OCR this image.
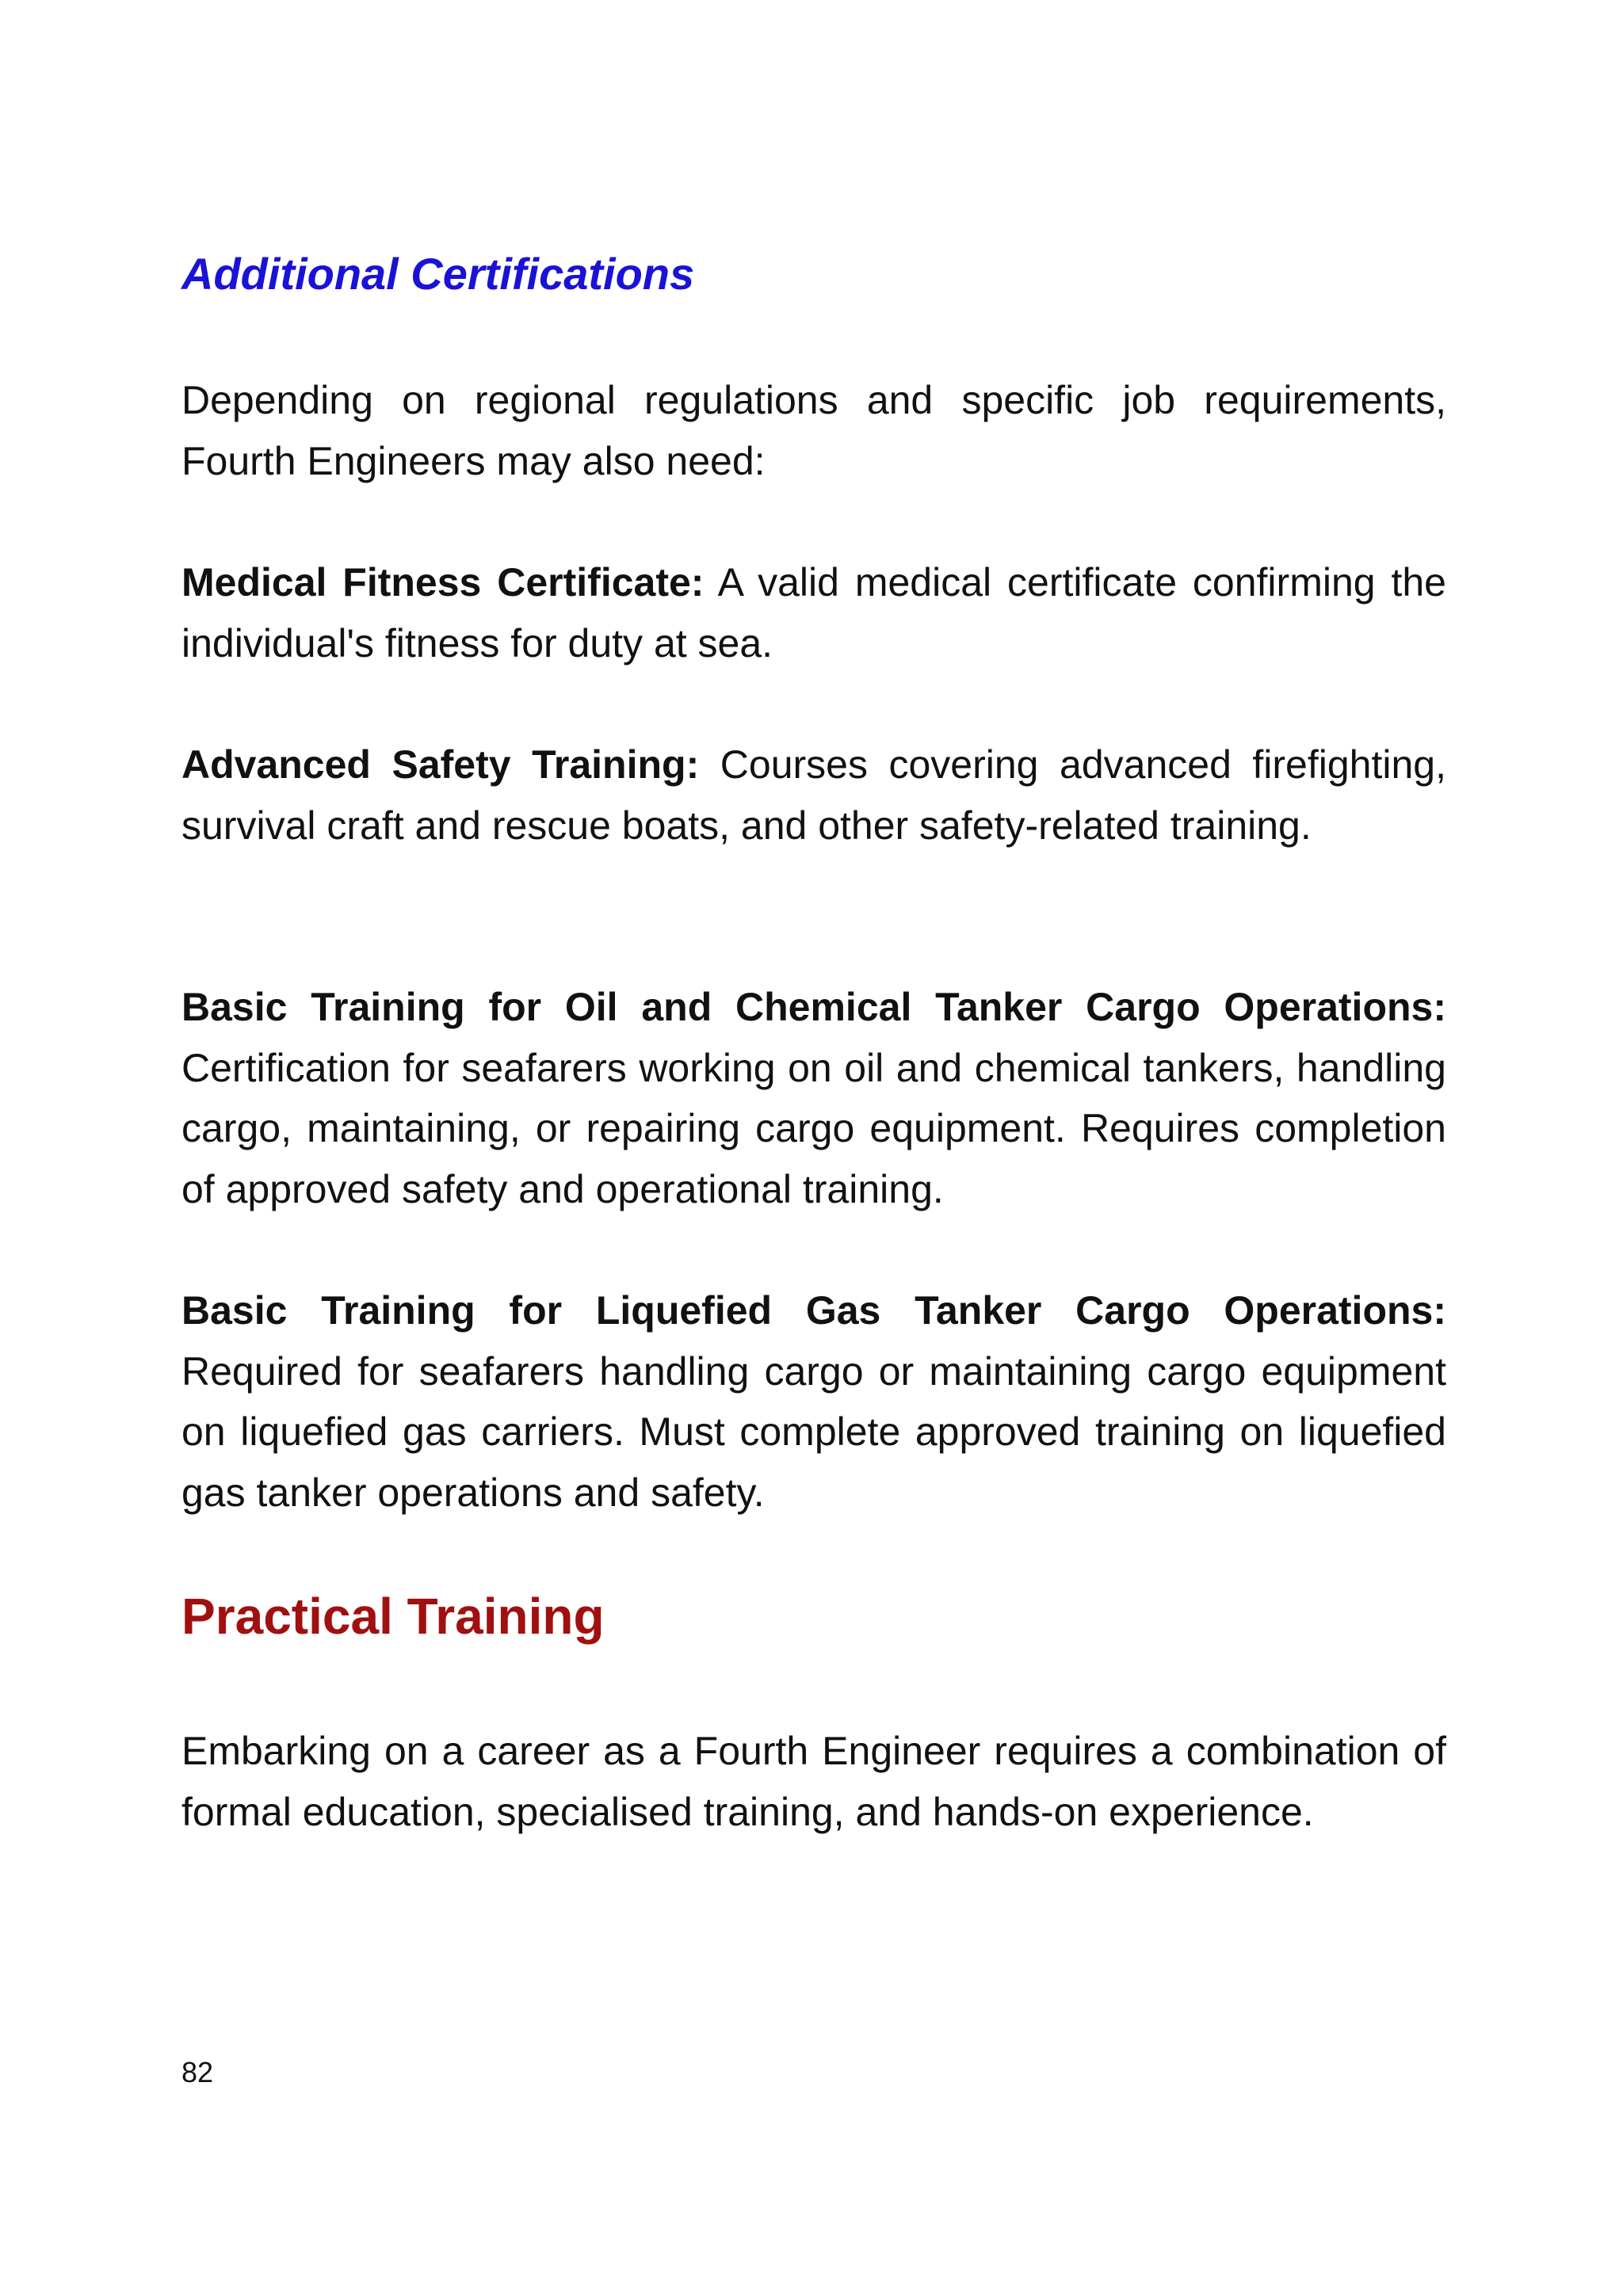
Additional Certifications

Depending on regional regulations and specific job requirements, Fourth Engineers may also need:

Medical Fitness Certificate: A valid medical certificate confirming the individual's fitness for duty at sea.

Advanced Safety Training: Courses covering advanced firefighting, survival craft and rescue boats, and other safety-related training.

Basic Training for Oil and Chemical Tanker Cargo Operations: Certification for seafarers working on oil and chemical tankers, handling cargo, maintaining, or repairing cargo equipment. Requires completion of approved safety and operational training.

Basic Training for Liquefied Gas Tanker Cargo Operations: Required for seafarers handling cargo or maintaining cargo equipment on liquefied gas carriers. Must complete approved training on liquefied gas tanker operations and safety.

Practical Training

Embarking on a career as a Fourth Engineer requires a combination of formal education, specialised training, and hands-on experience.

82
